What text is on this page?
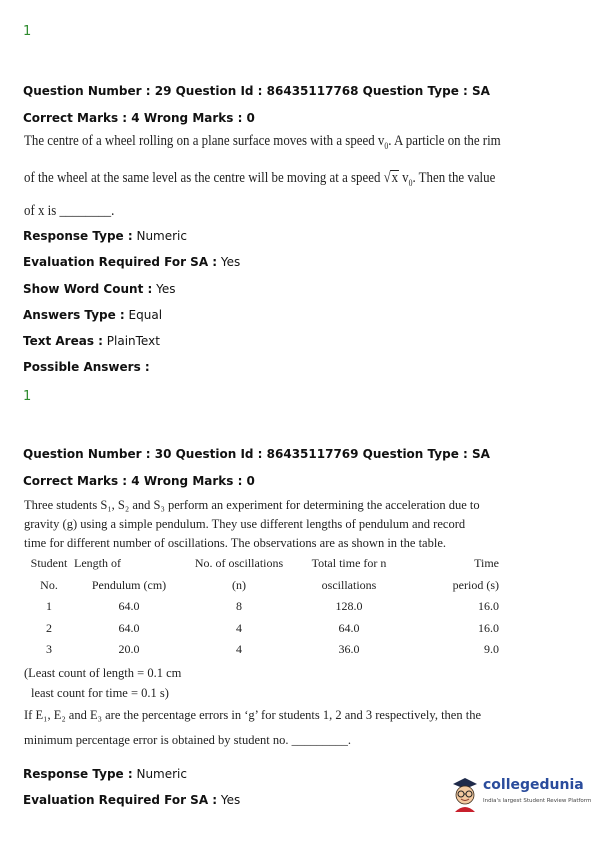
1
Question Number : 29 Question Id : 86435117768 Question Type : SA
Correct Marks : 4 Wrong Marks : 0
The centre of a wheel rolling on a plane surface moves with a speed $v_0$. A particle on the rim
of the wheel at the same level as the centre will be moving at a speed √x $v_0$. Then the value
of x is ________.
Response Type : Numeric
Evaluation Required For SA : Yes
Show Word Count : Yes
Answers Type : Equal
Text Areas : PlainText
Possible Answers :
1
Question Number : 30 Question Id : 86435117769 Question Type : SA
Correct Marks : 4 Wrong Marks : 0
Three students S₁, S₂ and S₃ perform an experiment for determining the acceleration due to
gravity (g) using a simple pendulum. They use different lengths of pendulum and record
time for different number of oscillations. The observations are as shown in the table.
Student	Length of	No. of oscillations	Total time for n	Time
No.	Pendulum (cm)	(n)	oscillations	period (s)
1	64.0	8	128.0	16.0
2	64.0	4	64.0	16.0
3	20.0	4	36.0	9.0
(Least count of length = 0.1 cm
least count for time = 0.1 s)
If E₁, E₂ and E₃ are the percentage errors in ‘g’ for students 1, 2 and 3 respectively, then the
minimum percentage error is obtained by student no. _________.
Response Type : Numeric
Evaluation Required For SA : Yes
collegedunia
India's largest Student Review Platform
